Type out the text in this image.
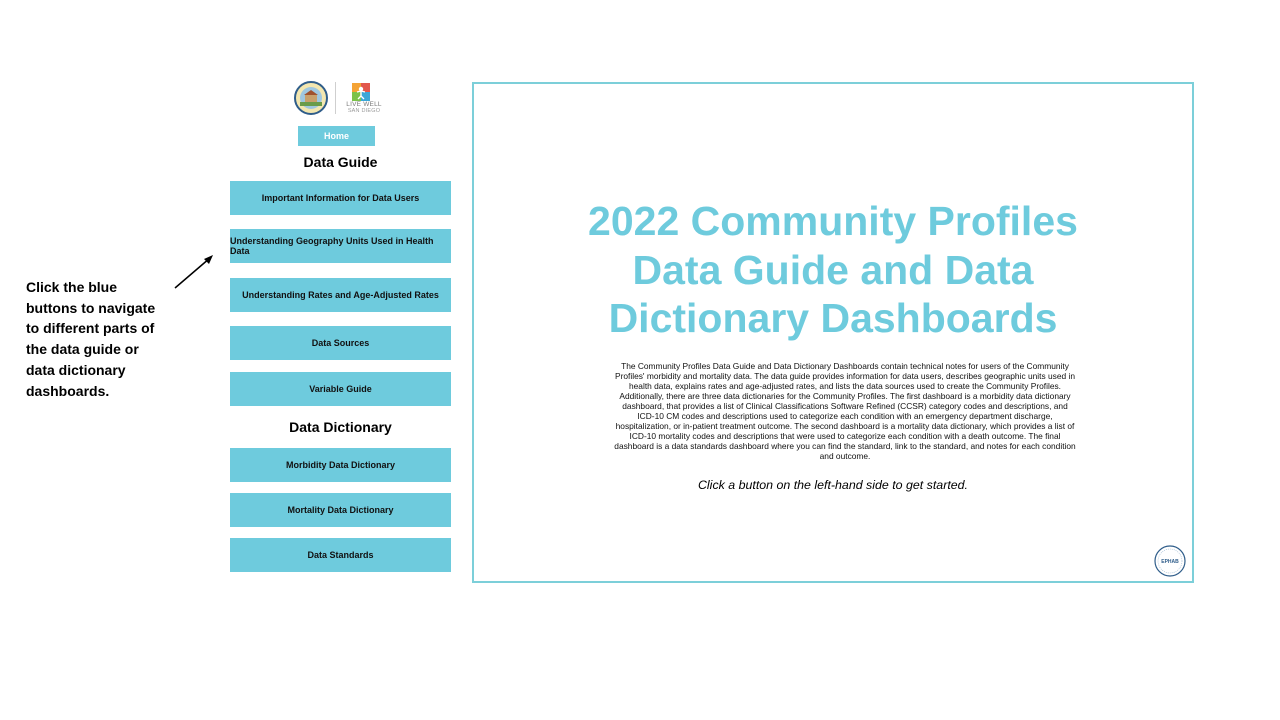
Click the blue
buttons to navigate
to different parts of
the data guide or
data dictionary
dashboards.
LIVE WELL
SAN DIEGO
Home
Data Guide
Important Information for Data Users
Understanding Geography Units Used in Health Data
Understanding Rates and Age-Adjusted Rates
Data Sources
Variable Guide
Data Dictionary
Morbidity Data Dictionary
Mortality Data Dictionary
Data Standards
2022 Community Profiles
Data Guide and Data
Dictionary Dashboards
The Community Profiles Data Guide and Data Dictionary Dashboards contain technical notes for users of the Community Profiles' morbidity and mortality data. The data guide provides information for data users, describes geographic units used in health data, explains rates and age-adjusted rates, and lists the data sources used to create the Community Profiles. Additionally, there are three data dictionaries for the Community Profiles. The first dashboard is a morbidity data dictionary dashboard, that provides a list of Clinical Classifications Software Refined (CCSR) category codes and descriptions, and ICD-10 CM codes and descriptions used to categorize each condition with an emergency department discharge, hospitalization, or in-patient treatment outcome. The second dashboard is a mortality data dictionary, which provides a list of ICD-10 mortality codes and descriptions that were used to categorize each condition with a death outcome. The final dashboard is a data standards dashboard where you can find the standard, link to the standard, and notes for each condition and outcome.
Click a button on the left-hand side to get started.
EPHAB
